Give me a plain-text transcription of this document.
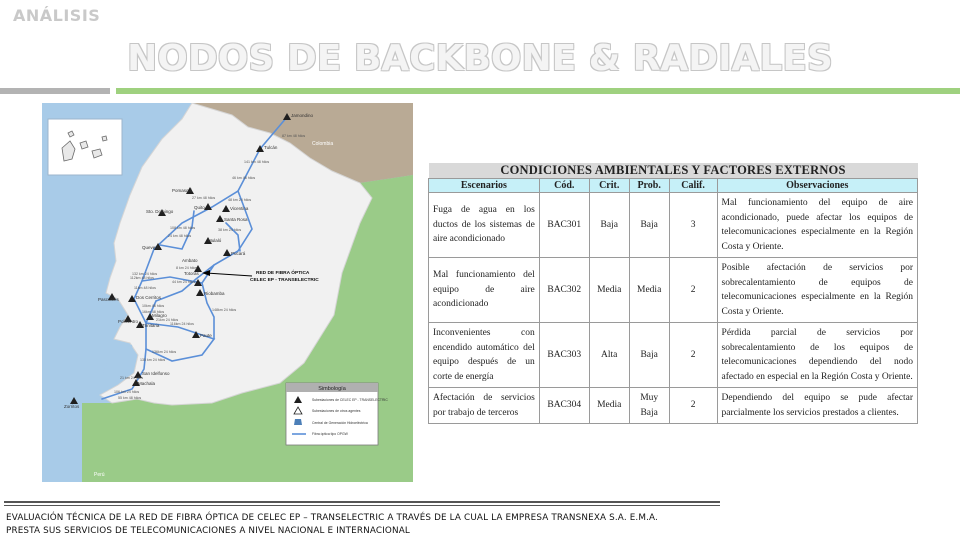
ANÁLISIS
NODOS DE BACKBONE & RADIALES
Colombia
Perú
Jamondino
Tulcán
Pomasqui
Quito	Vicentina
Santa Rosa
Sto. Domingo
Quevedo
Mulaló
Pucará
Ambato
Totoras
Riobamba
Pascuales	Dos Cerritos
Policentro
Milagro
Trinitaria
Paute
San Idelfonso
Machala
Zorritos
87 km 48 hilos
141 km 48 hilos
46 km 48 hilos
27 km 48 hilos	48 km 24 hilos
108 km 48 hilos
24 km 48 hilos
38 km 24 hilos
8 km 24 hilos
132 km 24 hilos
44 km 24 hilos
112km 48 hilos
11km 48 hilos
148km 24 hilos
10km 48 hilos
16km 48 hilos
21km 24 hilos
116km 24 hilos
136km 24 hilos
135 km 24 hilos
21 km 24 hilos
106 km 24 hilos
55 km 48 hilos
RED DE FIBRA ÓPTICA
CELEC EP - TRANSELECTRIC
Simbología
Subestaciones de CELEC EP - TRANSELECTRIC
Subestaciones de otros agentes
Central de Generación Hidroeléctrica
Fibra óptica tipo OPGW
CONDICIONES AMBIENTALES Y FACTORES EXTERNOS					
Escenarios	Cód.	Crit.	Prob.	Calif.	Observaciones
Fuga de agua en los ductos de los sistemas de aire acondicionado	BAC301	Baja	Baja	3	Mal funcionamiento del equipo de aire acondicionado, puede afectar los equipos de telecomunicaciones especialmente en la Región Costa y Oriente.
Mal funcionamiento del equipo de aire acondicionado	BAC302	Media	Media	2	Posible afectación de servicios por sobrecalentamiento de equipos de telecomunicaciones especialmente en la Región Costa y Oriente.
Inconvenientes con encendido automático del equipo después de un corte de energía	BAC303	Alta	Baja	2	Pérdida parcial de servicios por sobrecalentamiento de los equipos de telecomunicaciones dependiendo del nodo afectado en especial en la Región Costa y Oriente.
Afectación de servicios por trabajo de terceros	BAC304	Media	Muy Baja	2	Dependiendo del equipo se pude afectar parcialmente los servicios prestados a clientes.
EVALUACIÓN TÉCNICA DE LA RED DE FIBRA ÓPTICA DE CELEC EP – TRANSELECTRIC A TRAVÉS DE LA CUAL LA EMPRESA TRANSNEXA S.A. E.M.A.
PRESTA SUS SERVICIOS DE TELECOMUNICACIONES A NIVEL NACIONAL E INTERNACIONAL
